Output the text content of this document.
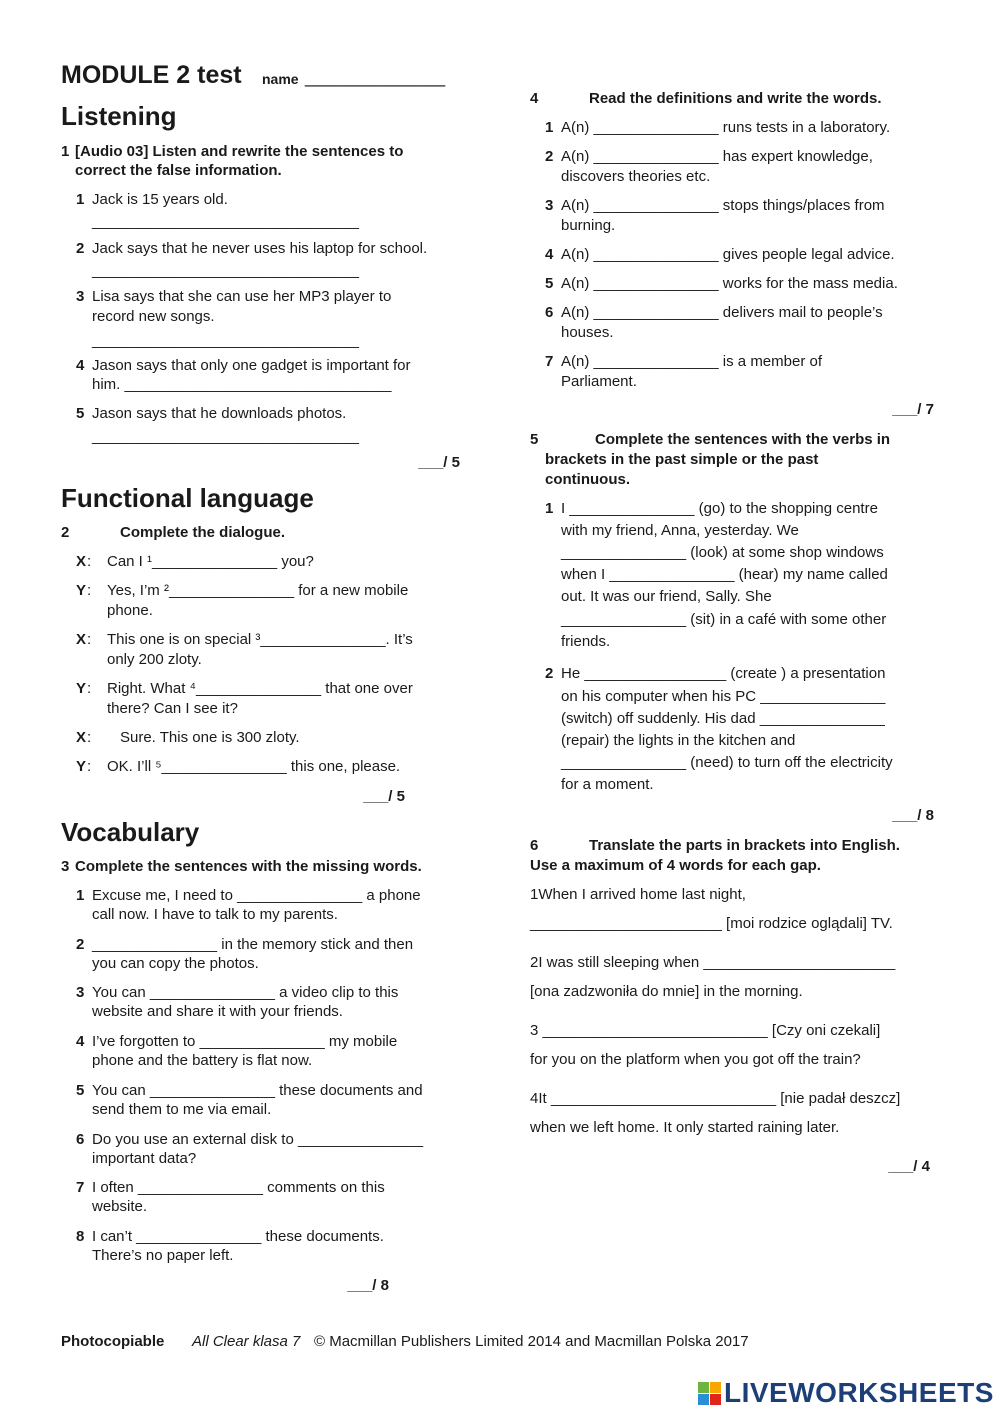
MODULE 2 test name ______________
Listening
1 [Audio 03] Listen and rewrite the sentences to
correct the false information.
1 Jack is 15 years old.
________________________________
2 Jack says that he never uses his laptop for school.
________________________________
3 Lisa says that she can use her MP3 player to
record new songs.
________________________________
4 Jason says that only one gadget is important for
him. ________________________________
5 Jason says that he downloads photos.
________________________________
___/ 5
Functional language
2	Complete the dialogue.
X : Can I ¹_______________ you?
Y : Yes, I’m ²_______________ for a new mobile
phone.
X : This one is on special ³_______________. It’s
only 200 zloty.
Y : Right. What ⁴_______________ that one over
there? Can I see it?
X : Sure. This one is 300 zloty.
Y : OK. I’ll ⁵_______________ this one, please.
___/ 5
Vocabulary
3 Complete the sentences with the missing words.
1 Excuse me, I need to _______________ a phone
call now. I have to talk to my parents.
2 _______________ in the memory stick and then
you can copy the photos.
3 You can _______________ a video clip to this
website and share it with your friends.
4 I’ve forgotten to _______________ my mobile
phone and the battery is flat now.
5 You can _______________ these documents and
send them to me via email.
6 Do you use an external disk to _______________
important data?
7 I often _______________ comments on this
website.
8 I can’t _______________ these documents.
There’s no paper left.
___/ 8
4	Read the definitions and write the words.
1 A(n) _______________ runs tests in a laboratory.
2 A(n) _______________ has expert knowledge,
discovers theories etc.
3 A(n) _______________ stops things/places from
burning.
4 A(n) _______________ gives people legal advice.
5 A(n) _______________ works for the mass media.
6 A(n) _______________ delivers mail to people’s
houses.
7 A(n) _______________ is a member of
Parliament.
___/ 7
5	Complete the sentences with the verbs in
brackets in the past simple or the past
continuous.
1 I _______________ (go) to the shopping centre
with my friend, Anna, yesterday. We
_______________ (look) at some shop windows
when I _______________ (hear) my name called
out. It was our friend, Sally. She
_______________ (sit) in a café with some other
friends.
2 He _________________ (create ) a presentation
on his computer when his PC _______________
(switch) off suddenly. His dad _______________
(repair) the lights in the kitchen and
_______________ (need) to turn off the electricity
for a moment.
___/ 8
6	Translate the parts in brackets into English.
Use a maximum of 4 words for each gap.
1When I arrived home last night,
_______________________ [moi rodzice oglądali] TV.
2I was still sleeping when _______________________
[ona zadzwoniła do mnie] in the morning.
3 ___________________________ [Czy oni czekali]
for you on the platform when you got off the train?
4It ___________________________ [nie padał deszcz]
when we left home. It only started raining later.
___/ 4
Photocopiable All Clear klasa 7 © Macmillan Publishers Limited 2014 and Macmillan Polska 2017
LIVEWORKSHEETS
